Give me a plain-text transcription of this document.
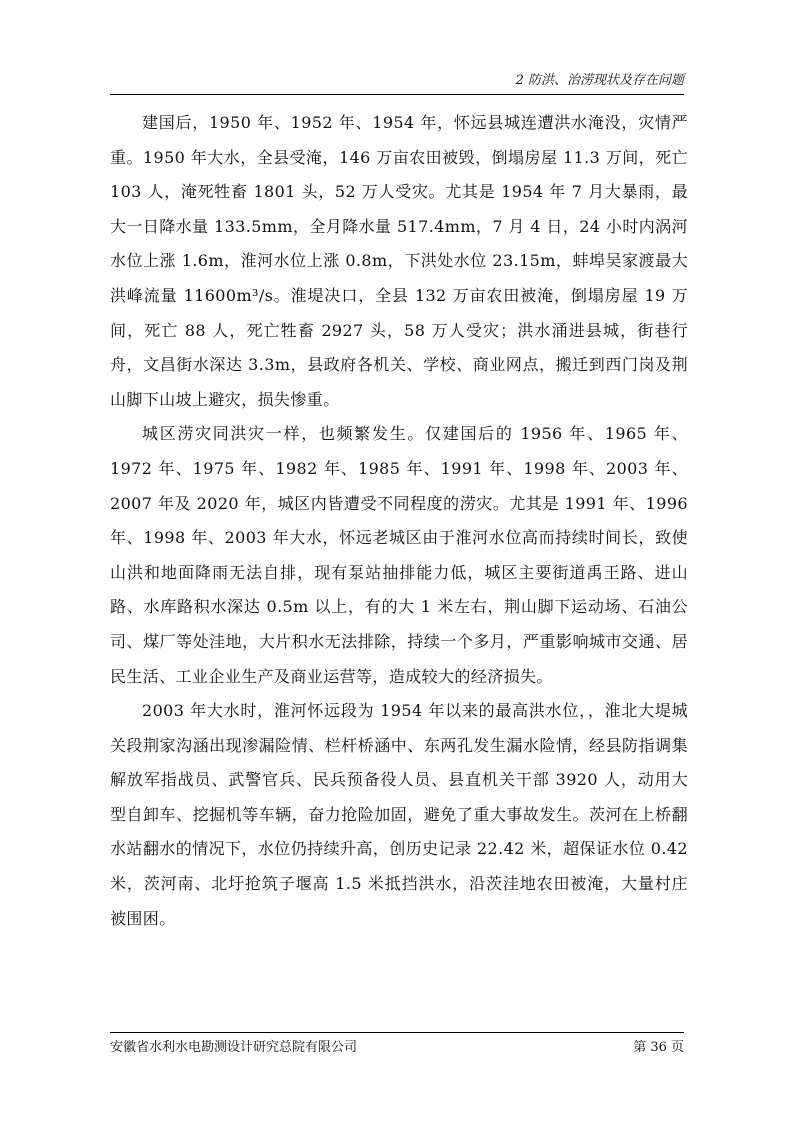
2 防洪、治涝现状及存在问题

建国后，1950 年、1952 年、1954 年，怀远县城连遭洪水淹没，灾情严重。1950 年大水，全县受淹，146 万亩农田被毁，倒塌房屋 11.3 万间，死亡 103 人，淹死牲畜 1801 头，52 万人受灾。尤其是 1954 年 7 月大暴雨，最大一日降水量 133.5mm，全月降水量 517.4mm，7 月 4 日，24 小时内涡河水位上涨 1.6m，淮河水位上涨 0.8m，下洪处水位 23.15m，蚌埠吴家渡最大洪峰流量 11600m³/s。淮堤决口，全县 132 万亩农田被淹，倒塌房屋 19 万间，死亡 88 人，死亡牲畜 2927 头，58 万人受灾；洪水涌进县城，街巷行舟，文昌街水深达 3.3m，县政府各机关、学校、商业网点，搬迁到西门岗及荆山脚下山坡上避灾，损失惨重。

城区涝灾同洪灾一样，也频繁发生。仅建国后的 1956 年、1965 年、1972 年、1975 年、1982 年、1985 年、1991 年、1998 年、2003 年、2007 年及 2020 年，城区内皆遭受不同程度的涝灾。尤其是 1991 年、1996 年、1998 年、2003 年大水，怀远老城区由于淮河水位高而持续时间长，致使山洪和地面降雨无法自排，现有泵站抽排能力低，城区主要街道禹王路、进山路、水库路积水深达 0.5m 以上，有的大 1 米左右，荆山脚下运动场、石油公司、煤厂等处洼地，大片积水无法排除，持续一个多月，严重影响城市交通、居民生活、工业企业生产及商业运营等，造成较大的经济损失。

2003 年大水时，淮河怀远段为 1954 年以来的最高洪水位，，淮北大堤城关段荆家沟涵出现渗漏险情、栏杆桥涵中、东两孔发生漏水险情，经县防指调集解放军指战员、武警官兵、民兵预备役人员、县直机关干部 3920 人，动用大型自卸车、挖掘机等车辆，奋力抢险加固，避免了重大事故发生。茨河在上桥翻水站翻水的情况下，水位仍持续升高，创历史记录 22.42 米，超保证水位 0.42 米，茨河南、北圩抢筑子堰高 1.5 米抵挡洪水，沿茨洼地农田被淹，大量村庄被围困。

安徽省水利水电勘测设计研究总院有限公司	第 36 页
